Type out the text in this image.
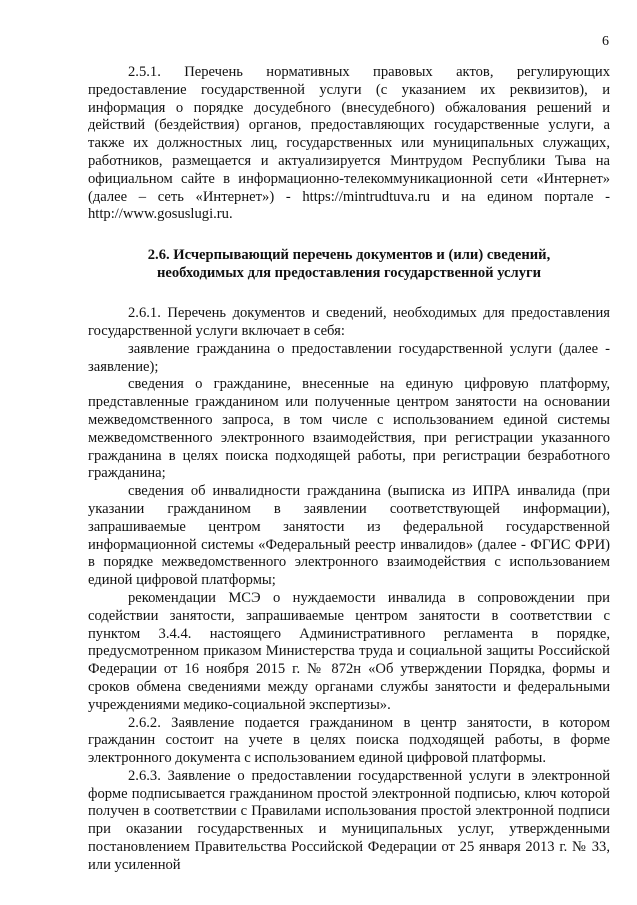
6

2.5.1. Перечень нормативных правовых актов, регулирующих предоставление государственной услуги (с указанием их реквизитов), и информация о порядке досудебного (внесудебного) обжалования решений и действий (бездействия) органов, предоставляющих государственные услуги, а также их должностных лиц, государственных или муниципальных служащих, работников, размещается и актуализируется Минтрудом Республики Тыва на официальном сайте в информационно-телекоммуникационной сети «Интернет» (далее – сеть «Интернет») - https://mintrudtuva.ru и на едином портале - http://www.gosuslugi.ru.

2.6. Исчерпывающий перечень документов и (или) сведений,
необходимых для предоставления государственной услуги

2.6.1. Перечень документов и сведений, необходимых для предоставления государственной услуги включает в себя:

заявление гражданина о предоставлении государственной услуги (далее - заявление);

сведения о гражданине, внесенные на единую цифровую платформу, представленные гражданином или полученные центром занятости на основании межведомственного запроса, в том числе с использованием единой системы межведомственного электронного взаимодействия, при регистрации указанного гражданина в целях поиска подходящей работы, при регистрации безработного гражданина;

сведения об инвалидности гражданина (выписка из ИПРА инвалида (при указании гражданином в заявлении соответствующей информации), запрашиваемые центром занятости из федеральной государственной информационной системы «Федеральный реестр инвалидов» (далее - ФГИС ФРИ) в порядке межведомственного электронного взаимодействия с использованием единой цифровой платформы;

рекомендации МСЭ о нуждаемости инвалида в сопровождении при содействии занятости, запрашиваемые центром занятости в соответствии с пунктом 3.4.4. настоящего Административного регламента в порядке, предусмотренном приказом Министерства труда и социальной защиты Российской Федерации от 16 ноября 2015 г. № 872н «Об утверждении Порядка, формы и сроков обмена сведениями между органами службы занятости и федеральными учреждениями медико-социальной экспертизы».

2.6.2. Заявление подается гражданином в центр занятости, в котором гражданин состоит на учете в целях поиска подходящей работы, в форме электронного документа с использованием единой цифровой платформы.

2.6.3. Заявление о предоставлении государственной услуги в электронной форме подписывается гражданином простой электронной подписью, ключ которой получен в соответствии с Правилами использования простой электронной подписи при оказании государственных и муниципальных услуг, утвержденными постановлением Правительства Российской Федерации от 25 января 2013 г. № 33, или усиленной
